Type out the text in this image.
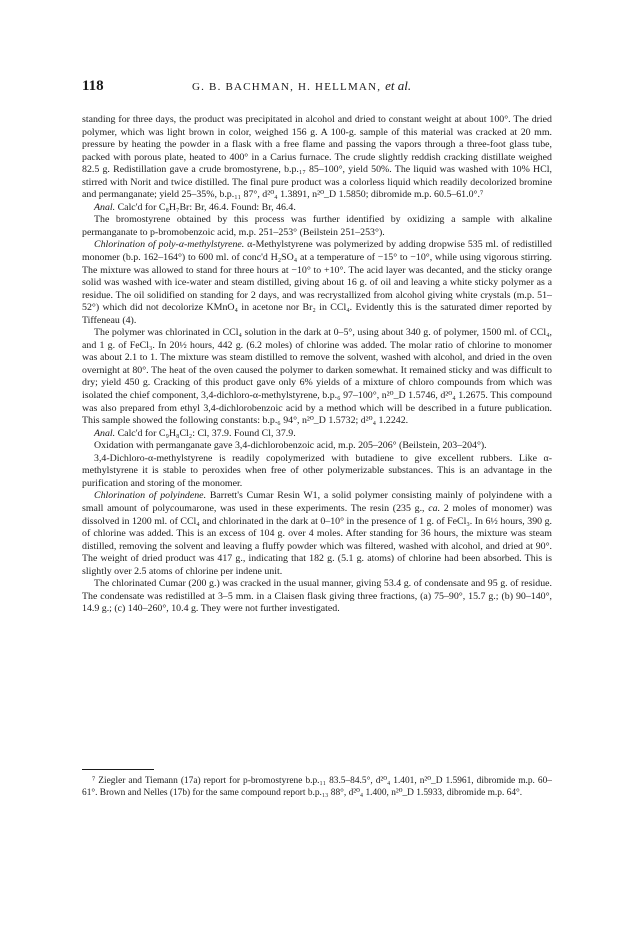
118	G. B. BACHMAN, H. HELLMAN, et al.

standing for three days, the product was precipitated in alcohol and dried to constant weight at about 100°. The dried polymer, which was light brown in color, weighed 156 g. A 100-g. sample of this material was cracked at 20 mm. pressure by heating the powder in a flask with a free flame and passing the vapors through a three-foot glass tube, packed with porous plate, heated to 400° in a Carius furnace. The crude slightly reddish cracking distillate weighed 82.5 g. Redistillation gave a crude bromostyrene, b.p.₁₇ 85–100°, yield 50%. The liquid was washed with 10% HCl, stirred with Norit and twice distilled. The final pure product was a colorless liquid which readily decolorized bromine and permanganate; yield 25–35%, b.p.₁₁ 87°, d²⁰₄ 1.3891, n²⁰_D 1.5850; dibromide m.p. 60.5–61.0°.⁷

Anal. Calc'd for C₈H₇Br: Br, 46.4. Found: Br, 46.4.

The bromostyrene obtained by this process was further identified by oxidizing a sample with alkaline permanganate to p-bromobenzoic acid, m.p. 251–253° (Beilstein 251–253°).

Chlorination of poly-α-methylstyrene. α-Methylstyrene was polymerized by adding dropwise 535 ml. of redistilled monomer (b.p. 162–164°) to 600 ml. of conc'd H₂SO₄ at a temperature of −15° to −10°, while using vigorous stirring. The mixture was allowed to stand for three hours at −10° to +10°. The acid layer was decanted, and the sticky orange solid was washed with ice-water and steam distilled, giving about 16 g. of oil and leaving a white sticky polymer as a residue. The oil solidified on standing for 2 days, and was recrystallized from alcohol giving white crystals (m.p. 51–52°) which did not decolorize KMnO₄ in acetone nor Br₂ in CCl₄. Evidently this is the saturated dimer reported by Tiffeneau (4).

The polymer was chlorinated in CCl₄ solution in the dark at 0–5°, using about 340 g. of polymer, 1500 ml. of CCl₄, and 1 g. of FeCl₃. In 20½ hours, 442 g. (6.2 moles) of chlorine was added. The molar ratio of chlorine to monomer was about 2.1 to 1. The mixture was steam distilled to remove the solvent, washed with alcohol, and dried in the oven overnight at 80°. The heat of the oven caused the polymer to darken somewhat. It remained sticky and was difficult to dry; yield 450 g. Cracking of this product gave only 6% yields of a mixture of chloro compounds from which was isolated the chief component, 3,4-dichloro-α-methylstyrene, b.p.₆ 97–100°, n²⁰_D 1.5746, d²⁰₄ 1.2675. This compound was also prepared from ethyl 3,4-dichlorobenzoic acid by a method which will be described in a future publication. This sample showed the following constants: b.p.₆ 94°, n²⁰_D 1.5732; d²⁰₄ 1.2242.

Anal. Calc'd for C₉H₈Cl₂: Cl, 37.9. Found Cl, 37.9.

Oxidation with permanganate gave 3,4-dichlorobenzoic acid, m.p. 205–206° (Beilstein, 203–204°).

3,4-Dichloro-α-methylstyrene is readily copolymerized with butadiene to give excellent rubbers. Like α-methylstyrene it is stable to peroxides when free of other polymerizable substances. This is an advantage in the purification and storing of the monomer.

Chlorination of polyindene. Barrett's Cumar Resin W1, a solid polymer consisting mainly of polyindene with a small amount of polycoumarone, was used in these experiments. The resin (235 g., ca. 2 moles of monomer) was dissolved in 1200 ml. of CCl₄ and chlorinated in the dark at 0–10° in the presence of 1 g. of FeCl₃. In 6½ hours, 390 g. of chlorine was added. This is an excess of 104 g. over 4 moles. After standing for 36 hours, the mixture was steam distilled, removing the solvent and leaving a fluffy powder which was filtered, washed with alcohol, and dried at 90°. The weight of dried product was 417 g., indicating that 182 g. (5.1 g. atoms) of chlorine had been absorbed. This is slightly over 2.5 atoms of chlorine per indene unit.

The chlorinated Cumar (200 g.) was cracked in the usual manner, giving 53.4 g. of condensate and 95 g. of residue. The condensate was redistilled at 3–5 mm. in a Claisen flask giving three fractions, (a) 75–90°, 15.7 g.; (b) 90–140°, 14.9 g.; (c) 140–260°, 10.4 g. They were not further investigated.

⁷ Ziegler and Tiemann (17a) report for p-bromostyrene b.p.₁₁ 83.5–84.5°, d²⁰₄ 1.401, n²⁰_D 1.5961, dibromide m.p. 60–61°. Brown and Nelles (17b) for the same compound report b.p.₁₃ 88°, d²⁰₄ 1.400, n²⁰_D 1.5933, dibromide m.p. 64°.
